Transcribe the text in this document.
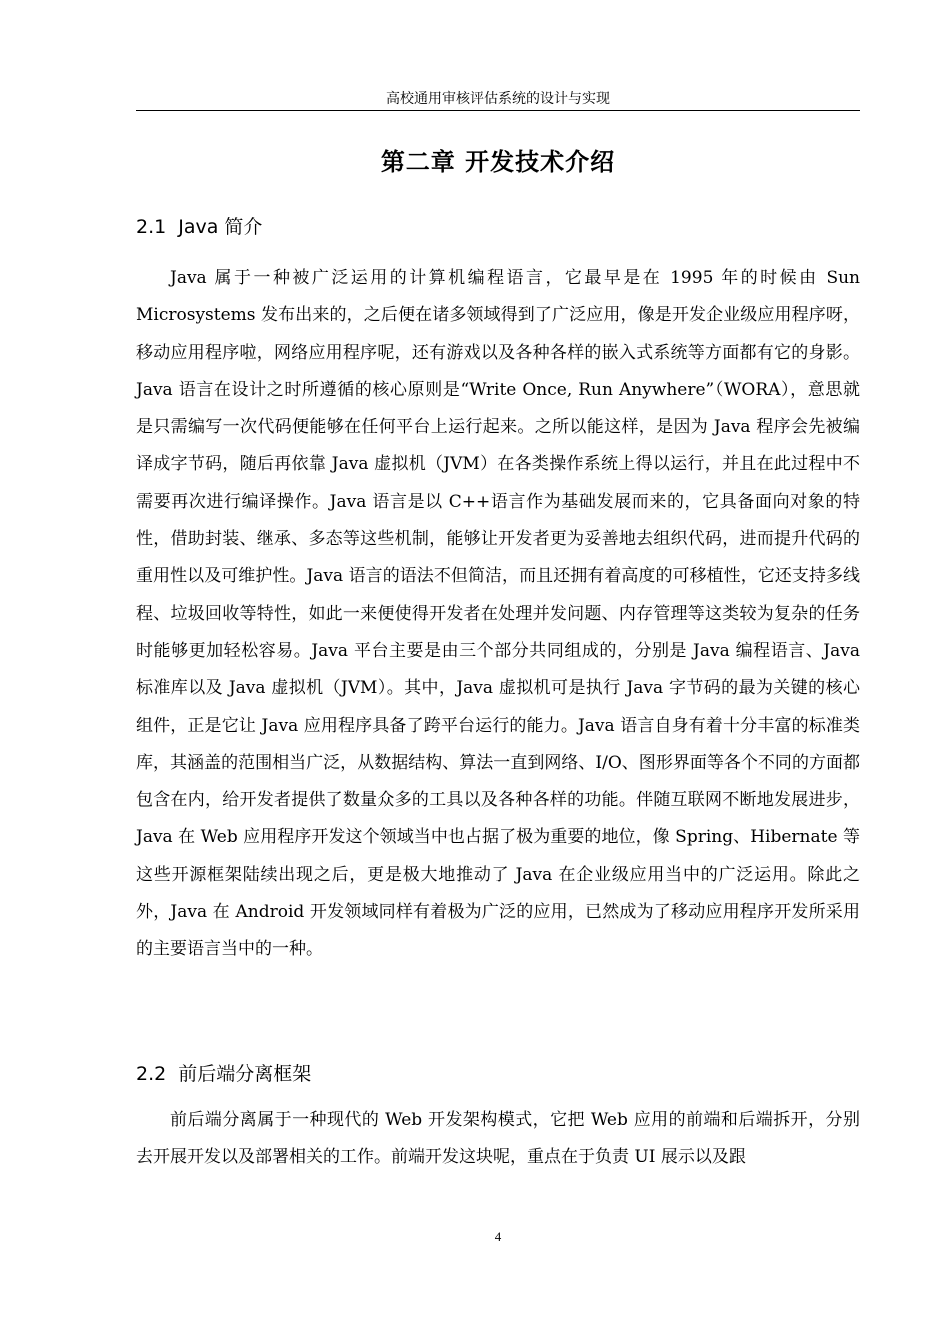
高校通用审核评估系统的设计与实现
第二章 开发技术介绍
2.1 Java 简介

Java 属于一种被广泛运用的计算机编程语言，它最早是在 1995 年的时候由 Sun Microsystems 发布出来的，之后便在诸多领域得到了广泛应用，像是开发企业级应用程序呀，移动应用程序啦，网络应用程序呢，还有游戏以及各种各样的嵌入式系统等方面都有它的身影。Java 语言在设计之时所遵循的核心原则是“Write Once, Run Anywhere”（WORA），意思就是只需编写一次代码便能够在任何平台上运行起来。之所以能这样，是因为 Java 程序会先被编译成字节码，随后再依靠 Java 虚拟机（JVM）在各类操作系统上得以运行，并且在此过程中不需要再次进行编译操作。Java 语言是以 C++语言作为基础发展而来的，它具备面向对象的特性，借助封装、继承、多态等这些机制，能够让开发者更为妥善地去组织代码，进而提升代码的重用性以及可维护性。Java 语言的语法不但简洁，而且还拥有着高度的可移植性，它还支持多线程、垃圾回收等特性，如此一来便使得开发者在处理并发问题、内存管理等这类较为复杂的任务时能够更加轻松容易。Java 平台主要是由三个部分共同组成的，分别是 Java 编程语言、Java 标准库以及 Java 虚拟机（JVM）。其中，Java 虚拟机可是执行 Java 字节码的最为关键的核心组件，正是它让 Java 应用程序具备了跨平台运行的能力。Java 语言自身有着十分丰富的标准类库，其涵盖的范围相当广泛，从数据结构、算法一直到网络、I/O、图形界面等各个不同的方面都包含在内，给开发者提供了数量众多的工具以及各种各样的功能。伴随互联网不断地发展进步，Java 在 Web 应用程序开发这个领域当中也占据了极为重要的地位，像 Spring、Hibernate 等这些开源框架陆续出现之后，更是极大地推动了 Java 在企业级应用当中的广泛运用。除此之外，Java 在 Android 开发领域同样有着极为广泛的应用，已然成为了移动应用程序开发所采用的主要语言当中的一种。

2.2 前后端分离框架

前后端分离属于一种现代的 Web 开发架构模式，它把 Web 应用的前端和后端拆开，分别去开展开发以及部署相关的工作。前端开发这块呢，重点在于负责 UI 展示以及跟

4
